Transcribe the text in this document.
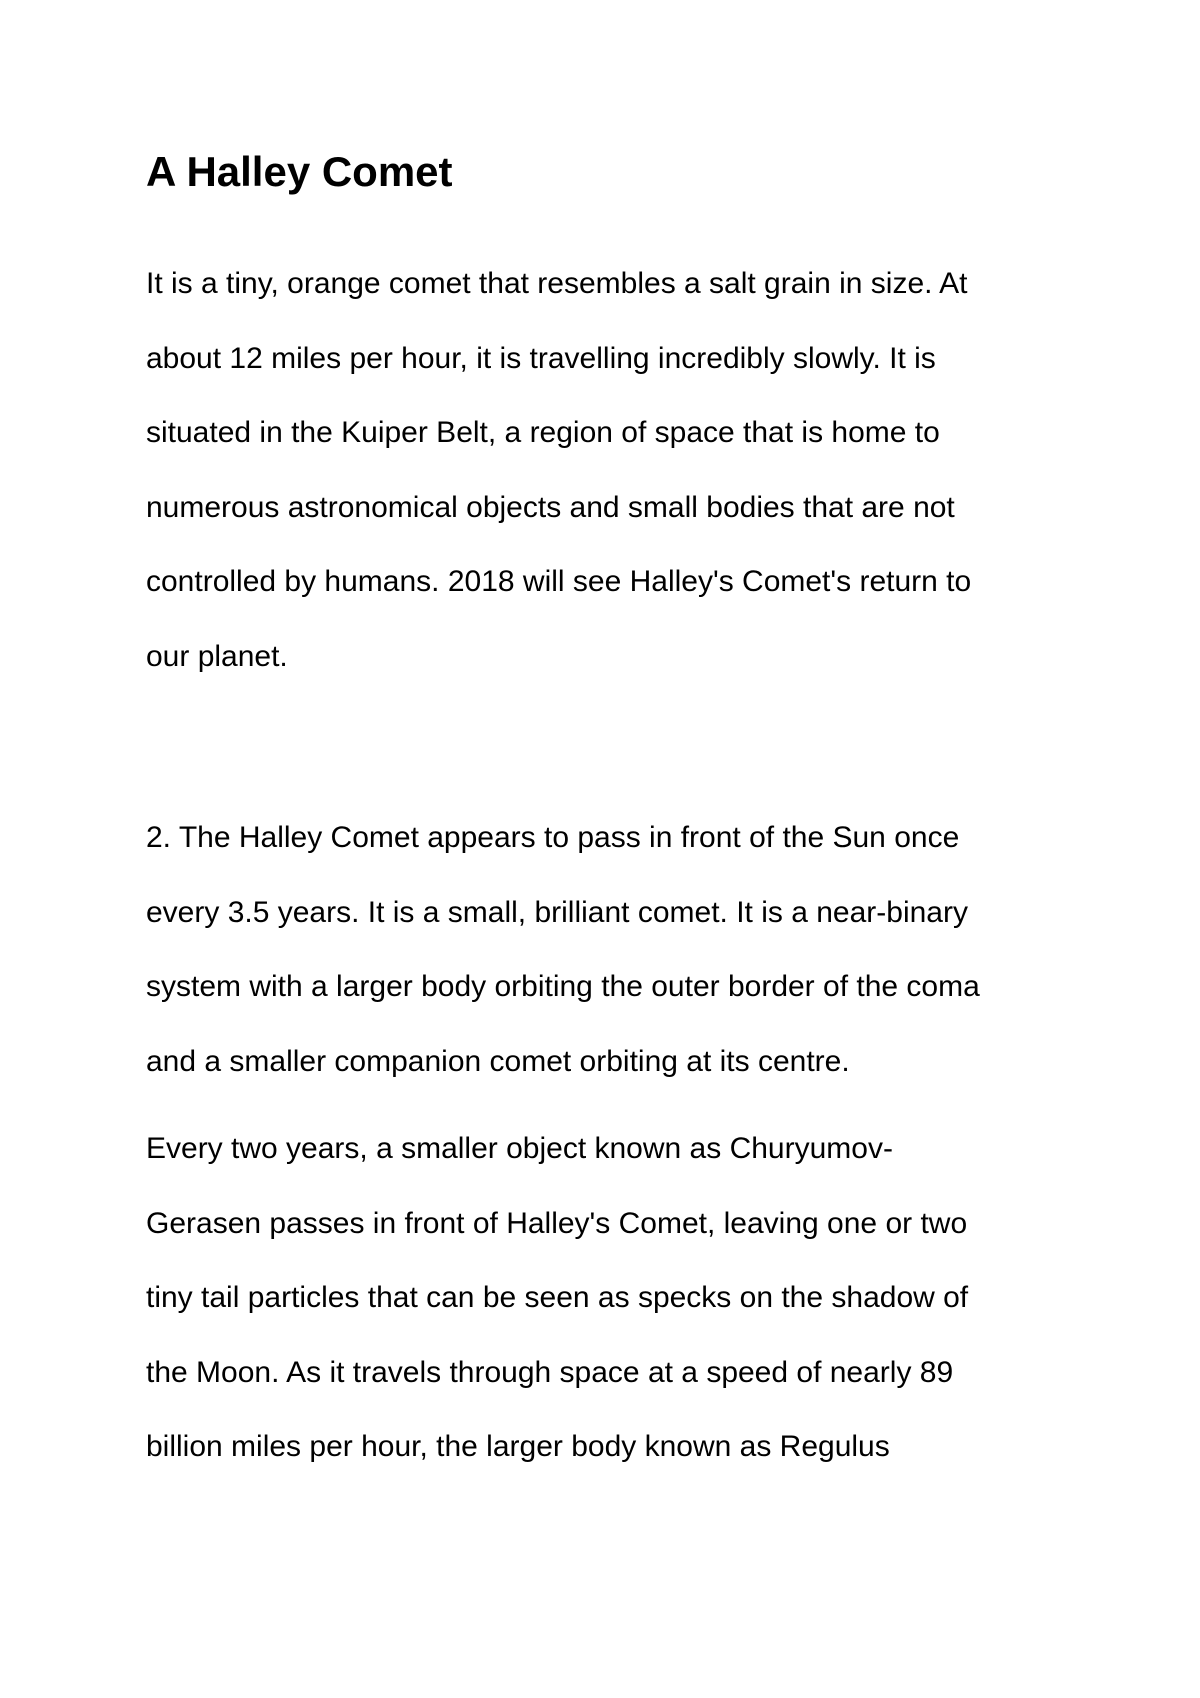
A Halley Comet

It is a tiny, orange comet that resembles a salt grain in size. At
about 12 miles per hour, it is travelling incredibly slowly. It is
situated in the Kuiper Belt, a region of space that is home to
numerous astronomical objects and small bodies that are not
controlled by humans. 2018 will see Halley's Comet's return to
our planet.

2. The Halley Comet appears to pass in front of the Sun once
every 3.5 years. It is a small, brilliant comet. It is a near-binary
system with a larger body orbiting the outer border of the coma
and a smaller companion comet orbiting at its centre.

Every two years, a smaller object known as Churyumov-
Gerasen passes in front of Halley's Comet, leaving one or two
tiny tail particles that can be seen as specks on the shadow of
the Moon. As it travels through space at a speed of nearly 89
billion miles per hour, the larger body known as Regulus
